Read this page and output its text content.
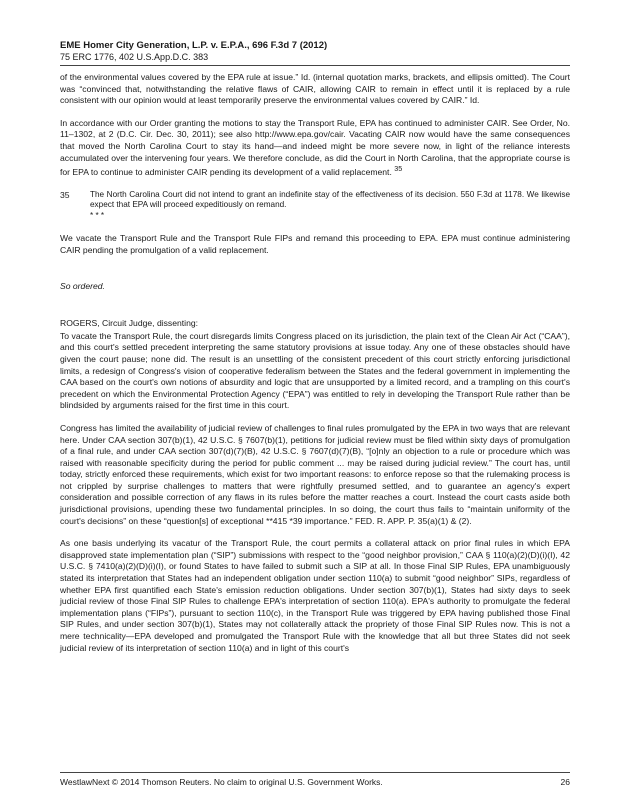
EME Homer City Generation, L.P. v. E.P.A., 696 F.3d 7 (2012)
75 ERC 1776, 402 U.S.App.D.C. 383

of the environmental values covered by the EPA rule at issue.” Id. (internal quotation marks, brackets, and ellipsis omitted). The Court was “convinced that, notwithstanding the relative flaws of CAIR, allowing CAIR to remain in effect until it is replaced by a rule consistent with our opinion would at least temporarily preserve the environmental values covered by CAIR.” Id.

In accordance with our Order granting the motions to stay the Transport Rule, EPA has continued to administer CAIR. See Order, No. 11–1302, at 2 (D.C. Cir. Dec. 30, 2011); see also http://www.epa.gov/cair. Vacating CAIR now would have the same consequences that moved the North Carolina Court to stay its hand—and indeed might be more severe now, in light of the reliance interests accumulated over the intervening four years. We therefore conclude, as did the Court in North Carolina, that the appropriate course is for EPA to continue to administer CAIR pending its development of a valid replacement. $^{35}$

35	The North Carolina Court did not intend to grant an indefinite stay of the effectiveness of its decision. 550 F.3d at 1178. We likewise expect that EPA will proceed expeditiously on remand.
* * *

We vacate the Transport Rule and the Transport Rule FIPs and remand this proceeding to EPA. EPA must continue administering CAIR pending the promulgation of a valid replacement.

So ordered.
ROGERS, Circuit Judge, dissenting:

To vacate the Transport Rule, the court disregards limits Congress placed on its jurisdiction, the plain text of the Clean Air Act (“CAA”), and this court's settled precedent interpreting the same statutory provisions at issue today. Any one of these obstacles should have given the court pause; none did. The result is an unsettling of the consistent precedent of this court strictly enforcing jurisdictional limits, a redesign of Congress's vision of cooperative federalism between the States and the federal government in implementing the CAA based on the court's own notions of absurdity and logic that are unsupported by a limited record, and a trampling on this court's precedent on which the Environmental Protection Agency (“EPA”) was entitled to rely in developing the Transport Rule rather than be blindsided by arguments raised for the first time in this court.

Congress has limited the availability of judicial review of challenges to final rules promulgated by the EPA in two ways that are relevant here. Under CAA section 307(b)(1), 42 U.S.C. § 7607(b)(1), petitions for judicial review must be filed within sixty days of promulgation of a final rule, and under CAA section 307(d)(7)(B), 42 U.S.C. § 7607(d)(7)(B), “[o]nly an objection to a rule or procedure which was raised with reasonable specificity during the period for public comment ... may be raised during judicial review.” The court has, until today, strictly enforced these requirements, which exist for two important reasons: to enforce repose so that the rulemaking process is not crippled by surprise challenges to matters that were rightfully presumed settled, and to guarantee an agency's expert consideration and possible correction of any flaws in its rules before the matter reaches a court. Instead the court casts aside both jurisdictional provisions, upending these two fundamental principles. In so doing, the court thus fails to “maintain uniformity of the court's decisions” on these “question[s] of exceptional **415 *39 importance.” FED. R. APP. P. 35(a)(1) & (2).

As one basis underlying its vacatur of the Transport Rule, the court permits a collateral attack on prior final rules in which EPA disapproved state implementation plan (“SIP”) submissions with respect to the “good neighbor provision,” CAA § 110(a)(2)(D)(i)(I), 42 U.S.C. § 7410(a)(2)(D)(i)(I), or found States to have failed to submit such a SIP at all. In those Final SIP Rules, EPA unambiguously stated its interpretation that States had an independent obligation under section 110(a) to submit “good neighbor” SIPs, regardless of whether EPA first quantified each State's emission reduction obligations. Under section 307(b)(1), States had sixty days to seek judicial review of those Final SIP Rules to challenge EPA's interpretation of section 110(a). EPA's authority to promulgate the federal implementation plans (“FIPs”), pursuant to section 110(c), in the Transport Rule was triggered by EPA having published those Final SIP Rules, and under section 307(b)(1), States may not collaterally attack the propriety of those Final SIP Rules now. This is not a mere technicality—EPA developed and promulgated the Transport Rule with the knowledge that all but three States did not seek judicial review of its interpretation of section 110(a) and in light of this court's

WestlawNext © 2014 Thomson Reuters. No claim to original U.S. Government Works.	26
